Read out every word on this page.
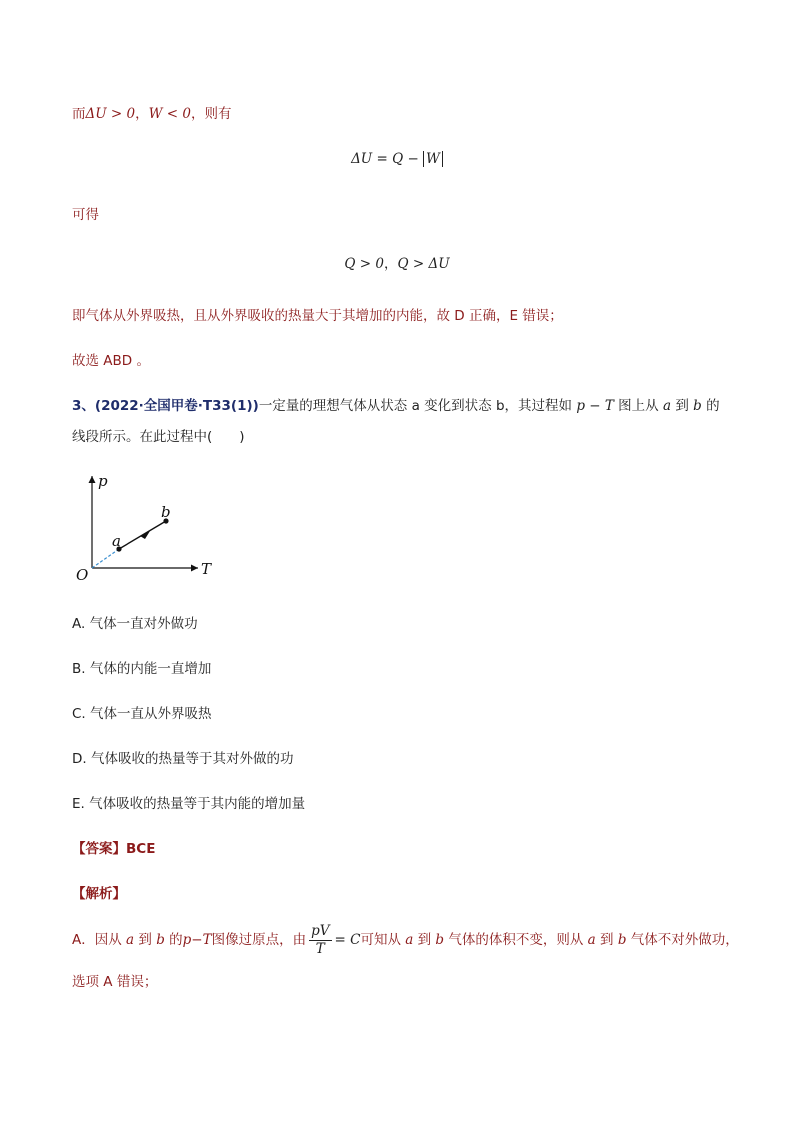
而ΔU > 0，W < 0，则有
ΔU = Q − W
可得
Q > 0，Q > ΔU
即气体从外界吸热，且从外界吸收的热量大于其增加的内能，故 D 正确，E 错误；
故选 ABD 。
3、(2022·全国甲卷·T33(1))一定量的理想气体从状态 a 变化到状态 b，其过程如 p − T 图上从 a 到 b 的
线段所示。在此过程中(　　)
p
T
O
a
b
A. 气体一直对外做功
B. 气体的内能一直增加
C. 气体一直从外界吸热
D. 气体吸收的热量等于其对外做的功
E. 气体吸收的热量等于其内能的增加量
【答案】BCE
【解析】
A．因从 a 到 b 的p−T图像过原点，由 $\frac{pV}{T} = C$可知从 a 到 b 气体的体积不变，则从 a 到 b 气体不对外做功，
选项 A 错误；
